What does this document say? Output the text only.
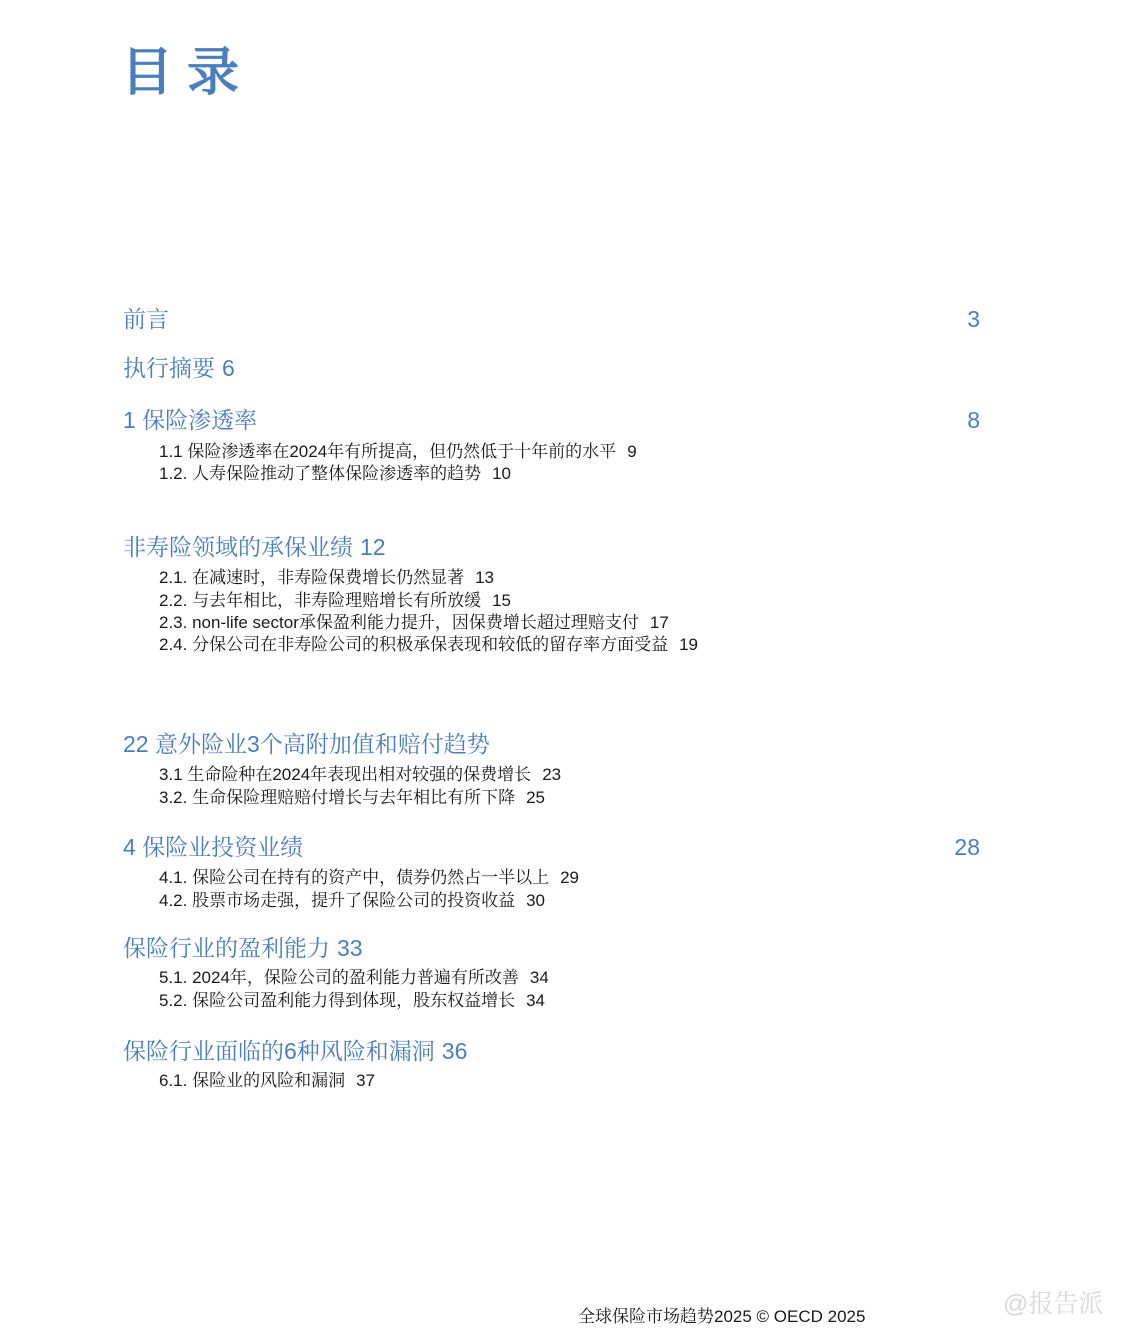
目录
前言	3
执行摘要 6
1 保险渗透率	8
1.1 保险渗透率在2024年有所提高，但仍然低于十年前的水平 9
1.2. 人寿保险推动了整体保险渗透率的趋势 10
非寿险领域的承保业绩 12
2.1. 在减速时，非寿险保费增长仍然显著 13
2.2. 与去年相比，非寿险理赔增长有所放缓 15
2.3. non-life sector承保盈利能力提升，因保费增长超过理赔支付 17
2.4. 分保公司在非寿险公司的积极承保表现和较低的留存率方面受益 19
22 意外险业3个高附加值和赔付趋势
3.1 生命险种在2024年表现出相对较强的保费增长 23
3.2. 生命保险理赔赔付增长与去年相比有所下降 25
4 保险业投资业绩	28
4.1. 保险公司在持有的资产中，债券仍然占一半以上 29
4.2. 股票市场走强，提升了保险公司的投资收益 30
保险行业的盈利能力 33
5.1. 2024年，保险公司的盈利能力普遍有所改善 34
5.2. 保险公司盈利能力得到体现，股东权益增长 34
保险行业面临的6种风险和漏洞 36
6.1. 保险业的风险和漏洞 37
全球保险市场趋势2025 © OECD 2025	@报告派
